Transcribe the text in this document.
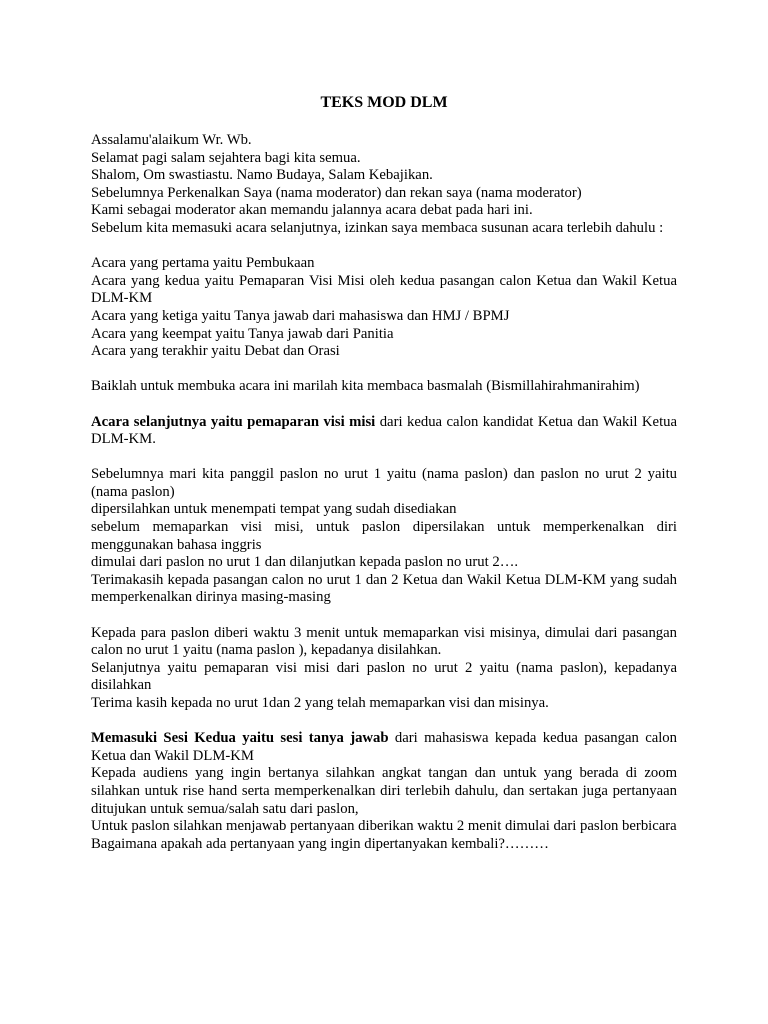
TEKS MOD DLM

Assalamu'alaikum Wr. Wb.

Selamat pagi salam sejahtera bagi kita semua.

Shalom, Om swastiastu. Namo Budaya, Salam Kebajikan.

Sebelumnya Perkenalkan Saya (nama moderator) dan rekan saya (nama moderator)

Kami sebagai moderator akan memandu jalannya acara debat pada hari ini.

Sebelum kita memasuki acara selanjutnya, izinkan saya membaca susunan acara terlebih dahulu :

Acara yang pertama yaitu Pembukaan

Acara yang kedua yaitu Pemaparan Visi Misi oleh kedua pasangan calon Ketua dan Wakil Ketua DLM-KM

Acara yang ketiga yaitu Tanya jawab dari mahasiswa dan HMJ / BPMJ

Acara yang keempat yaitu Tanya jawab dari Panitia

Acara yang terakhir yaitu Debat dan Orasi

Baiklah untuk membuka acara ini marilah kita membaca basmalah (Bismillahirahmanirahim)

Acara selanjutnya yaitu pemaparan visi misi dari kedua calon kandidat Ketua dan Wakil Ketua DLM-KM.

Sebelumnya mari kita panggil paslon no urut 1 yaitu (nama paslon) dan paslon no urut 2 yaitu (nama paslon)

dipersilahkan untuk menempati tempat yang sudah disediakan

sebelum memaparkan visi misi, untuk paslon dipersilakan untuk memperkenalkan diri menggunakan bahasa inggris

dimulai dari paslon no urut 1 dan dilanjutkan kepada paslon no urut 2….

Terimakasih kepada pasangan calon no urut 1 dan 2 Ketua dan Wakil Ketua DLM-KM yang sudah memperkenalkan dirinya masing-masing

Kepada para paslon diberi waktu 3 menit untuk memaparkan visi misinya, dimulai dari pasangan calon no urut 1 yaitu (nama paslon ), kepadanya disilahkan.

Selanjutnya yaitu pemaparan visi misi dari paslon no urut 2 yaitu (nama paslon), kepadanya disilahkan

Terima kasih kepada no urut 1dan 2 yang telah memaparkan visi dan misinya.

Memasuki Sesi Kedua yaitu sesi tanya jawab dari mahasiswa kepada kedua pasangan calon Ketua dan Wakil DLM-KM

Kepada audiens yang ingin bertanya silahkan angkat tangan dan untuk yang berada di zoom silahkan untuk rise hand serta memperkenalkan diri terlebih dahulu, dan sertakan juga pertanyaan ditujukan untuk semua/salah satu dari paslon,

Untuk paslon silahkan menjawab pertanyaan diberikan waktu 2 menit dimulai dari paslon berbicara

Bagaimana apakah ada pertanyaan yang ingin dipertanyakan kembali?………
